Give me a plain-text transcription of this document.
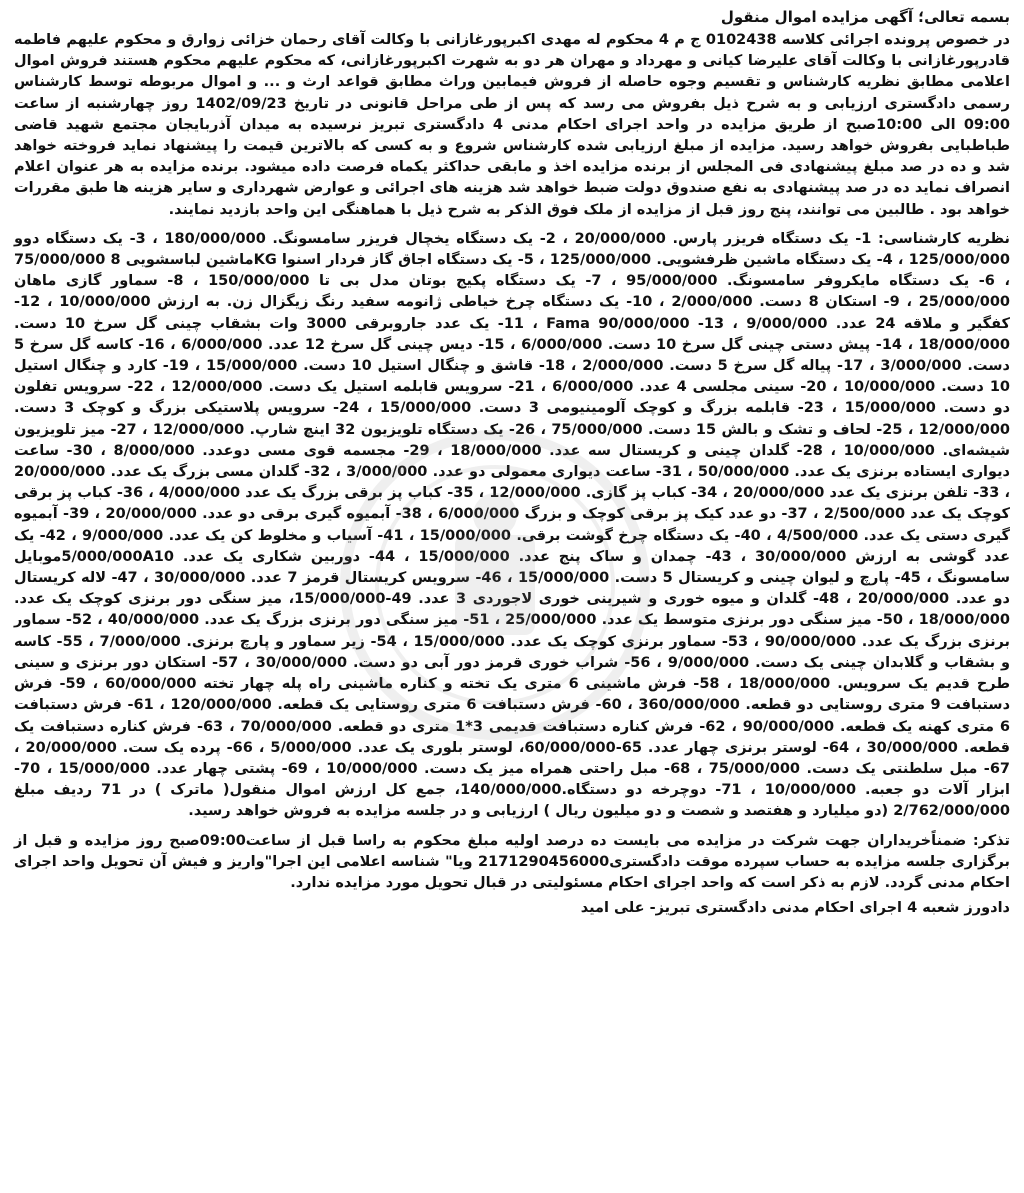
بسمه تعالی؛ آگهی مزایده اموال منقول

در خصوص پرونده اجرائی کلاسه 0102438 ج م 4 محکوم له مهدی اکبرپورغازانی با وکالت آقای رحمان خزائی زوارق و محکوم علیهم فاطمه قادرپورغازانی با وکالت آقای علیرضا کیانی و مهرداد و مهران هر دو به شهرت اکبرپورغازانی، که محکوم علیهم محکوم هستند فروش اموال اعلامی مطابق نظریه کارشناس و تقسیم وجوه حاصله از فروش فیمابین وراث مطابق قواعد ارث و ... و اموال مربوطه توسط کارشناس رسمی دادگستری ارزیابی و به شرح ذیل بفروش می رسد که پس از طی مراحل قانونی در تاریخ 1402/09/23 روز چهارشنبه از ساعت 09:00 الی 10:00صبح از طریق مزایده در واحد اجرای احکام مدنی 4 دادگستری تبریز نرسیده به میدان آذربایجان مجتمع شهید قاضی طباطبایی بفروش خواهد رسید. مزایده از مبلغ ارزیابی شده کارشناس شروع و به کسی که بالاترین قیمت را پیشنهاد نماید فروخته خواهد شد و ده در صد مبلغ پیشنهادی فی المجلس از برنده مزایده اخذ و مابقی حداکثر یکماه فرصت داده میشود. برنده مزایده به هر عنوان اعلام انصراف نماید ده در صد پیشنهادی به نفع صندوق دولت ضبط خواهد شد هزینه های اجرائی و عوارض شهرداری و سایر هزینه ها طبق مقررات خواهد بود . طالبین می توانند، پنج روز قبل از مزایده از ملک فوق الذکر به شرح ذیل با هماهنگی این واحد بازدید نمایند.

نظریه کارشناسی: 1- یک دستگاه فریزر پارس. 20/000/000 ، 2- یک دستگاه یخچال فریزر سامسونگ. 180/000/000 ، 3- یک دستگاه دوو 125/000/000 ، 4- یک دستگاه ماشین ظرفشویی. 125/000/000 ، 5- یک دستگاه اجاق گاز فردار اسنوا KGماشین لباسشویی 8 75/000/000 ، 6- یک دستگاه مایکروفر سامسونگ. 95/000/000 ، 7- یک دستگاه پکیج بوتان مدل بی تا 150/000/000 ، 8- سماور گازی ماهان 25/000/000 ، 9- استکان 8 دست. 2/000/000 ، 10- یک دستگاه چرخ خیاطی ژانومه سفید رنگ زیگزال زن. به ارزش 10/000/000 ، 12- کفگیر و ملاقه 24 عدد. 9/000/000 ، 13- Fama 90/000/000 ، 11- یک عدد جاروبرقی 3000 وات بشقاب چینی گل سرخ 10 دست. 18/000/000 ، 14- پیش دستی چینی گل سرخ 10 دست. 6/000/000 ، 15- دیس چینی گل سرخ 12 عدد. 6/000/000 ، 16- کاسه گل سرخ 5 دست. 3/000/000 ، 17- پیاله گل سرخ 5 دست. 2/000/000 ، 18- قاشق و چنگال استیل 10 دست. 15/000/000 ، 19- کارد و چنگال استیل 10 دست. 10/000/000 ، 20- سینی مجلسی 4 عدد. 6/000/000 ، 21- سرویس قابلمه استیل یک دست. 12/000/000 ، 22- سرویس تفلون دو دست. 15/000/000 ، 23- قابلمه بزرگ و کوچک آلومینیومی 3 دست. 15/000/000 ، 24- سرویس پلاستیکی بزرگ و کوچک 3 دست. 12/000/000 ، 25- لحاف و تشک و بالش 15 دست. 75/000/000 ، 26- یک دستگاه تلویزیون 32 اینچ شارپ. 12/000/000 ، 27- میز تلویزیون شیشه‌ای. 10/000/000 ، 28- گلدان چینی و کریستال سه عدد. 18/000/000 ، 29- مجسمه قوی مسی دوعدد. 8/000/000 ، 30- ساعت دیواری ایستاده برنزی یک عدد. 50/000/000 ، 31- ساعت دیواری معمولی دو عدد. 3/000/000 ، 32- گلدان مسی بزرگ یک عدد. 20/000/000 ، 33- تلفن برنزی یک عدد 20/000/000 ، 34- کباب پز گازی. 12/000/000 ، 35- کباب پز برقی بزرگ یک عدد 4/000/000 ، 36- کباب پز برقی کوچک یک عدد 2/500/000 ، 37- دو عدد کیک پز برقی کوچک و بزرگ 6/000/000 ، 38- آبمیوه گیری برقی دو عدد. 20/000/000 ، 39- آبمیوه گیری دستی یک عدد. 4/500/000 ، 40- یک دستگاه چرخ گوشت برقی. 15/000/000 ، 41- آسیاب و مخلوط کن یک عدد. 9/000/000 ، 42- یک عدد گوشی به ارزش 30/000/000 ، 43- چمدان و ساک پنج عدد. 15/000/000 ، 44- دوربین شکاری یک عدد. 5/000/000A10موبایل سامسونگ ، 45- پارچ و لیوان چینی و کریستال 5 دست. 15/000/000 ، 46- سرویس کریستال قرمز 7 عدد. 30/000/000 ، 47- لاله کریستال دو عدد. 20/000/000 ، 48- گلدان و میوه خوری و شیرینی خوری لاجوردی 3 عدد. 49-15/000/000، میز سنگی دور برنزی کوچک یک عدد. 18/000/000 ، 50- میز سنگی دور برنزی متوسط یک عدد. 25/000/000 ، 51- میز سنگی دور برنزی بزرگ یک عدد. 40/000/000 ، 52- سماور برنزی بزرگ یک عدد. 90/000/000 ، 53- سماور برنزی کوچک یک عدد. 15/000/000 ، 54- زیر سماور و پارچ برنزی. 7/000/000 ، 55- کاسه و بشقاب و گلابدان چینی یک دست. 9/000/000 ، 56- شراب خوری قرمز دور آبی دو دست. 30/000/000 ، 57- استکان دور برنزی و سینی طرح قدیم یک سرویس. 18/000/000 ، 58- فرش ماشینی 6 متری یک تخته و کناره ماشینی راه پله چهار تخته 60/000/000 ، 59- فرش دستبافت 9 متری روستایی دو قطعه. 360/000/000 ، 60- فرش دستبافت 6 متری روستایی یک قطعه. 120/000/000 ، 61- فرش دستبافت 6 متری کهنه یک قطعه. 90/000/000 ، 62- فرش کناره دستبافت قدیمی 3*1 متری دو قطعه. 70/000/000 ، 63- فرش کناره دستبافت یک قطعه. 30/000/000 ، 64- لوستر برنزی چهار عدد. 65-60/000/000، لوستر بلوری یک عدد. 5/000/000 ، 66- پرده یک ست. 20/000/000 ، 67- مبل سلطنتی یک دست. 75/000/000 ، 68- مبل راحتی همراه میز یک دست. 10/000/000 ، 69- پشتی چهار عدد. 15/000/000 ، 70- ابزار آلات دو جعبه. 10/000/000 ، 71- دوچرخه دو دستگاه.140/000/000، جمع کل ارزش اموال منقول( ماترک ) در 71 ردیف مبلغ 2/762/000/000 (دو میلیارد و هفتصد و شصت و دو میلیون ریال ) ارزیابی و در جلسه مزایده به فروش خواهد رسید.

تذکر: ضمناًخریداران جهت شرکت در مزایده می بایست ده درصد اولیه مبلغ محکوم به راسا قبل از ساعت09:00صبح روز مزایده و قبل از برگزاری جلسه مزایده به حساب سپرده موقت دادگستری2171290456000 ویا" شناسه اعلامی این اجرا"واریز و فیش آن تحویل واحد اجرای احکام مدنی گردد. لازم به ذکر است که واحد اجرای احکام مسئولیتی در قبال تحویل مورد مزایده ندارد.

دادورز شعبه 4 اجرای احکام مدنی دادگستری تبریز- علی امید
